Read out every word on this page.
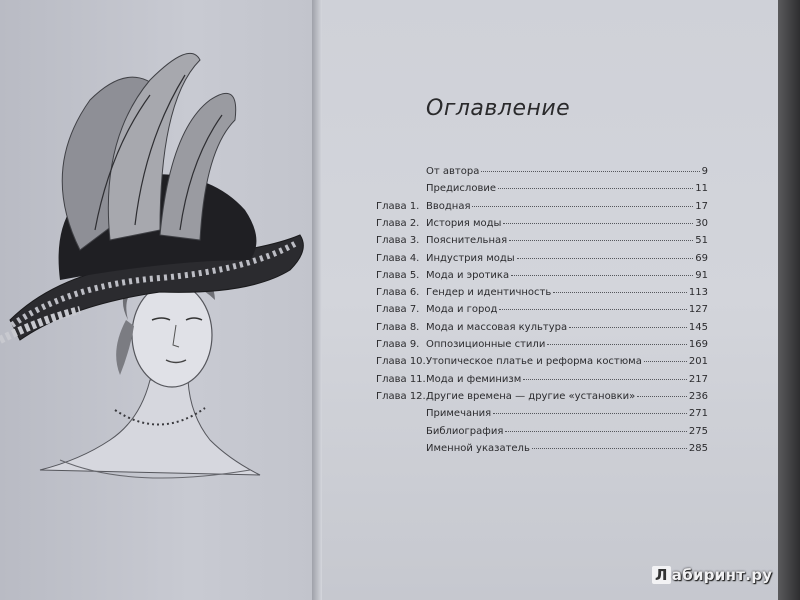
Оглавление
От автора	9
Предисловие	11
Глава 1. Вводная	17
Глава 2. История моды	30
Глава 3. Пояснительная	51
Глава 4. Индустрия моды	69
Глава 5. Мода и эротика	91
Глава 6. Гендер и идентичность	113
Глава 7. Мода и город	127
Глава 8. Мода и массовая культура	145
Глава 9. Оппозиционные стили	169
Глава 10. Утопическое платье и реформа костюма	201
Глава 11. Мода и феминизм	217
Глава 12. Другие времена — другие «установки»	236
Примечания	271
Библиография	275
Именной указатель	285
Л абиринт.ру
